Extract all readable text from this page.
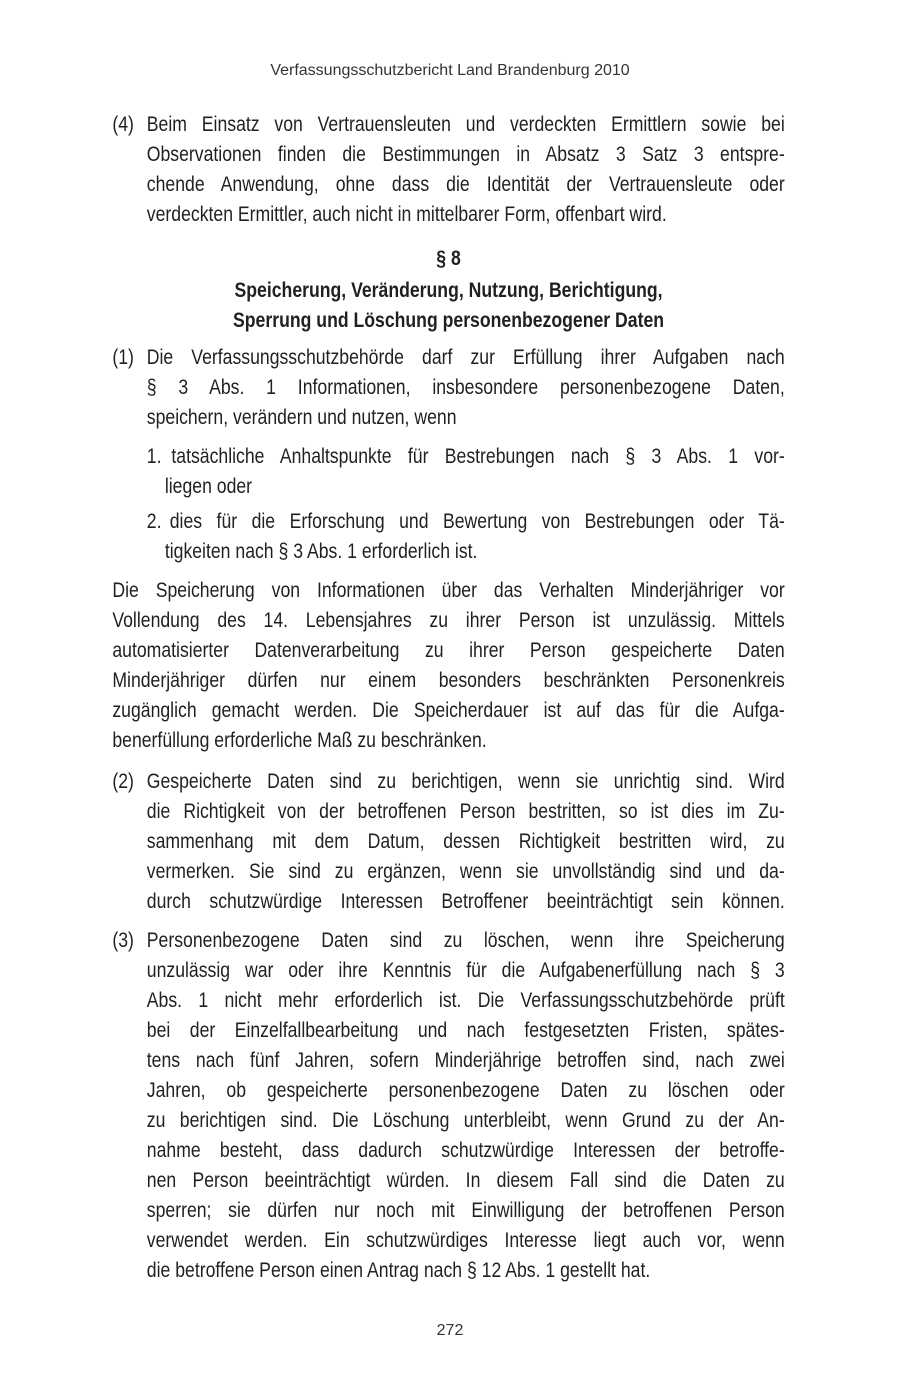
Verfassungsschutzbericht Land Brandenburg 2010
(4) Beim Einsatz von Vertrauensleuten und verdeckten Ermittlern sowie bei
Observationen finden die Bestimmungen in Absatz 3 Satz 3 entspre-
chende Anwendung, ohne dass die Identität der Vertrauensleute oder
verdeckten Ermittler, auch nicht in mittelbarer Form, offenbart wird.
§ 8
Speicherung, Veränderung, Nutzung, Berichtigung,
Sperrung und Löschung personenbezogener Daten
(1) Die Verfassungsschutzbehörde darf zur Erfüllung ihrer Aufgaben nach
§ 3 Abs. 1 Informationen, insbesondere personenbezogene Daten,
speichern, verändern und nutzen, wenn
1. tatsächliche Anhaltspunkte für Bestrebungen nach § 3 Abs. 1 vor-
liegen oder
2. dies für die Erforschung und Bewertung von Bestrebungen oder Tä-
tigkeiten nach § 3 Abs. 1 erforderlich ist.
Die Speicherung von Informationen über das Verhalten Minderjähriger vor
Vollendung des 14. Lebensjahres zu ihrer Person ist unzulässig. Mittels
automatisierter Datenverarbeitung zu ihrer Person gespeicherte Daten
Minderjähriger dürfen nur einem besonders beschränkten Personenkreis
zugänglich gemacht werden. Die Speicherdauer ist auf das für die Aufga-
benerfüllung erforderliche Maß zu beschränken.
(2) Gespeicherte Daten sind zu berichtigen, wenn sie unrichtig sind. Wird
die Richtigkeit von der betroffenen Person bestritten, so ist dies im Zu-
sammenhang mit dem Datum, dessen Richtigkeit bestritten wird, zu
vermerken. Sie sind zu ergänzen, wenn sie unvollständig sind und da-
durch schutzwürdige Interessen Betroffener beeinträchtigt sein können.
(3) Personenbezogene Daten sind zu löschen, wenn ihre Speicherung
unzulässig war oder ihre Kenntnis für die Aufgabenerfüllung nach § 3
Abs. 1 nicht mehr erforderlich ist. Die Verfassungsschutzbehörde prüft
bei der Einzelfallbearbeitung und nach festgesetzten Fristen, spätes-
tens nach fünf Jahren, sofern Minderjährige betroffen sind, nach zwei
Jahren, ob gespeicherte personenbezogene Daten zu löschen oder
zu berichtigen sind. Die Löschung unterbleibt, wenn Grund zu der An-
nahme besteht, dass dadurch schutzwürdige Interessen der betroffe-
nen Person beeinträchtigt würden. In diesem Fall sind die Daten zu
sperren; sie dürfen nur noch mit Einwilligung der betroffenen Person
verwendet werden. Ein schutzwürdiges Interesse liegt auch vor, wenn
die betroffene Person einen Antrag nach § 12 Abs. 1 gestellt hat.
272
